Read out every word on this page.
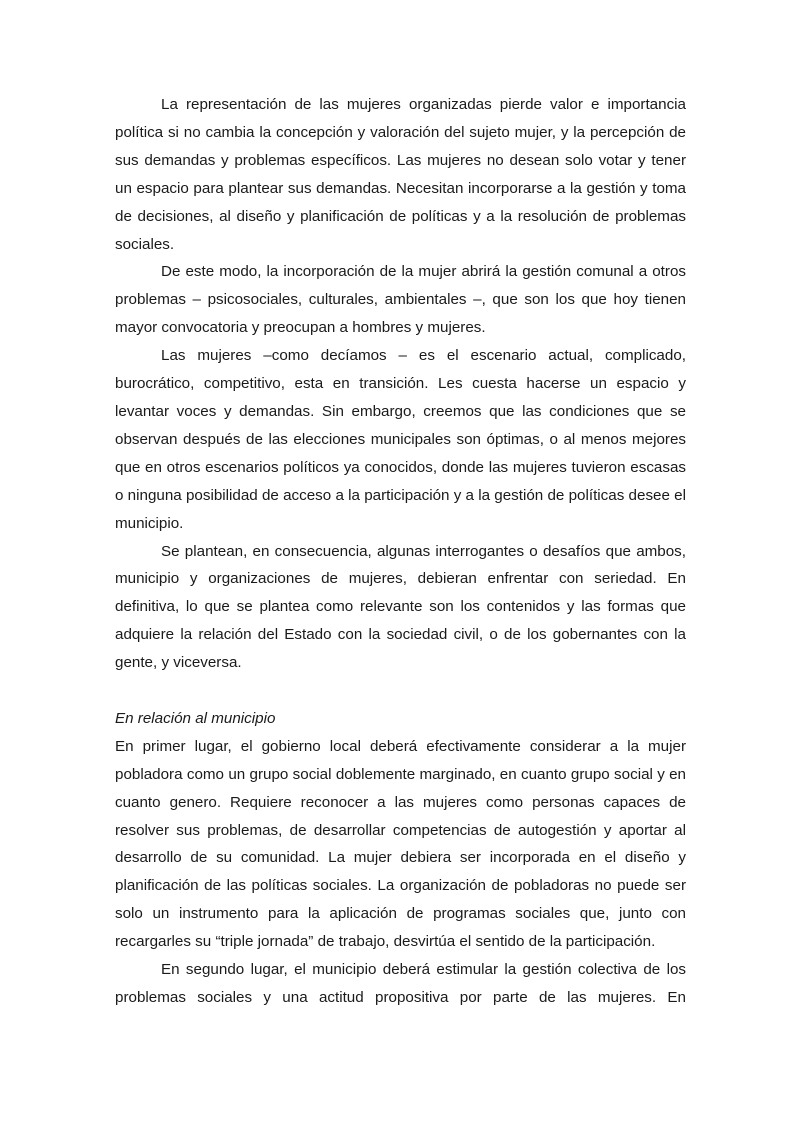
La representación de las mujeres organizadas pierde valor e importancia política si no cambia la concepción y valoración del sujeto mujer, y la percepción de sus demandas y problemas específicos. Las mujeres no desean solo votar y tener un espacio para plantear sus demandas. Necesitan incorporarse a la gestión y toma de decisiones, al diseño y planificación de políticas y a la resolución de problemas sociales.

De este modo, la incorporación de la mujer abrirá la gestión comunal a otros problemas – psicosociales, culturales, ambientales –, que son los que hoy tienen mayor convocatoria y preocupan a hombres y mujeres.

Las mujeres –como decíamos – es el escenario actual, complicado, burocrático, competitivo, esta en transición. Les cuesta hacerse un espacio y levantar voces y demandas. Sin embargo, creemos que las condiciones que se observan después de las elecciones municipales son óptimas, o al menos mejores que en otros escenarios políticos ya conocidos, donde las mujeres tuvieron escasas o ninguna posibilidad de acceso a la participación y a la gestión de políticas desee el municipio.

Se plantean, en consecuencia, algunas interrogantes o desafíos que ambos, municipio y organizaciones de mujeres, debieran enfrentar con seriedad. En definitiva, lo que se plantea como relevante son los contenidos y las formas que adquiere la relación del Estado con la sociedad civil, o de los gobernantes con la gente, y viceversa.

En relación al municipio

En primer lugar, el gobierno local deberá efectivamente considerar a la mujer pobladora como un grupo social doblemente marginado, en cuanto grupo social y en cuanto genero. Requiere reconocer a las mujeres como personas capaces de resolver sus problemas, de desarrollar competencias de autogestión y aportar al desarrollo de su comunidad. La mujer debiera ser incorporada en el diseño y planificación de las políticas sociales. La organización de pobladoras no puede ser solo un instrumento para la aplicación de programas sociales que, junto con recargarles su “triple jornada” de trabajo, desvirtúa el sentido de la participación.

En segundo lugar, el municipio deberá estimular la gestión colectiva de los problemas sociales y una actitud propositiva por parte de las mujeres. En
